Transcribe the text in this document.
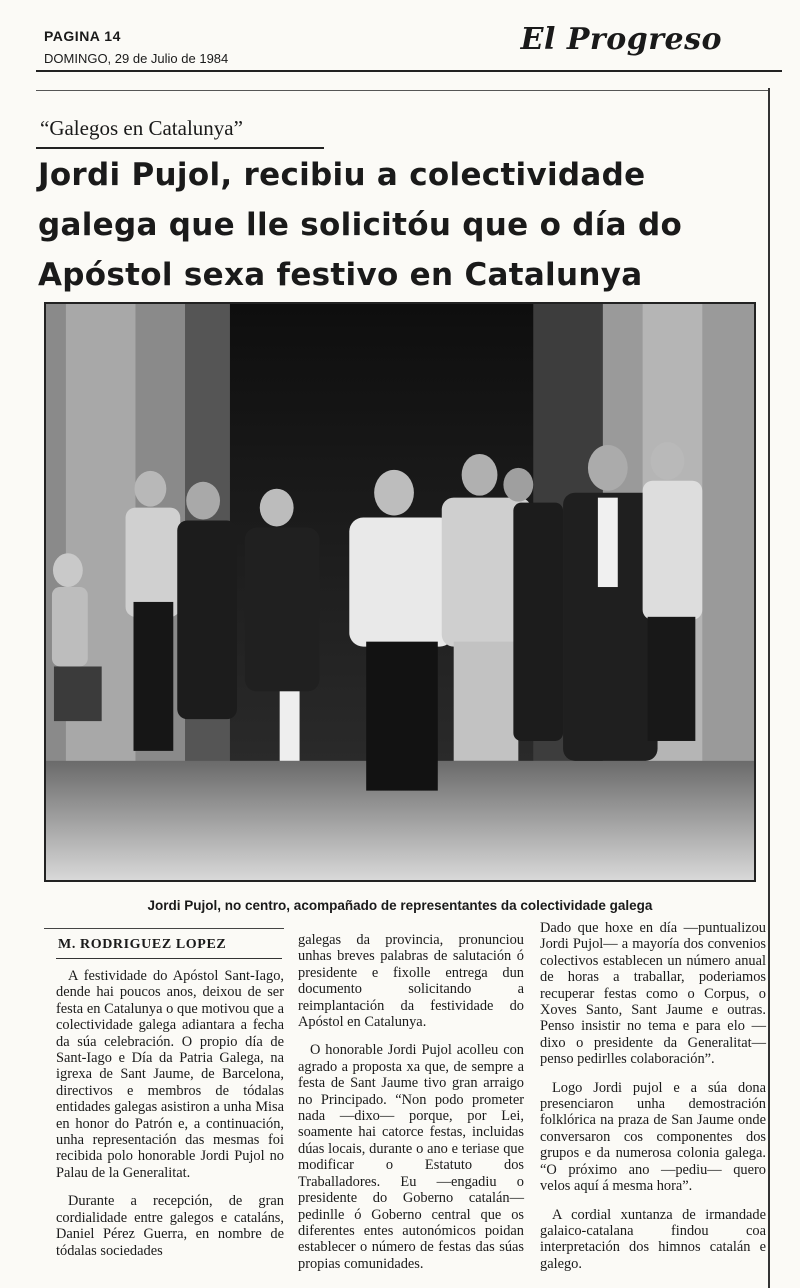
PAGINA 14
DOMINGO, 29 de Julio de 1984
El Progreso
“Galegos en Catalunya”
Jordi Pujol, recibiu a colectividade galega que lle solicitóu que o día do Apóstol sexa festivo en Catalunya
Jordi Pujol, no centro, acompañado de representantes da colectividade galega
M. RODRIGUEZ LOPEZ

A festividade do Apóstol Sant-Iago, dende hai poucos anos, deixou de ser festa en Catalunya o que motivou que a colectividade galega adiantara a fecha da súa celebración. O propio día de Sant-Iago e Día da Patria Galega, na igrexa de Sant Jaume, de Barcelona, directivos e membros de tódalas entidades galegas asistiron a unha Misa en honor do Patrón e, a continuación, unha representación das mesmas foi recibida polo honorable Jordi Pujol no Palau de la Generalitat.

Durante a recepción, de gran cordialidade entre galegos e cataláns, Daniel Pérez Guerra, en nombre de tódalas sociedades

galegas da provincia, pronunciou unhas breves palabras de salutación ó presidente e fixolle entrega dun documento solicitando a reimplantación da festividade do Apóstol en Catalunya.

O honorable Jordi Pujol acolleu con agrado a proposta xa que, de sempre a festa de Sant Jaume tivo gran arraigo no Principado. “Non podo prometer nada —dixo— porque, por Lei, soamente hai catorce festas, incluidas dúas locais, durante o ano e teriase que modificar o Estatuto dos Traballadores. Eu —engadiu o presidente do Goberno catalán— pedinlle ó Goberno central que os diferentes entes autonómicos poidan establecer o número de festas das súas propias comunidades.

Dado que hoxe en día —puntualizou Jordi Pujol— a mayoría dos convenios colectivos establecen un número anual de horas a traballar, poderiamos recuperar festas como o Corpus, o Xoves Santo, Sant Jaume e outras. Penso insistir no tema e para elo —dixo o presidente da Generalitat— penso pedirlles colaboración”.

Logo Jordi pujol e a súa dona presenciaron unha demostración folklórica na praza de San Jaume onde conversaron cos componentes dos grupos e da numerosa colonia galega. “O próximo ano —pediu— quero velos aquí á mesma hora”.

A cordial xuntanza de irmandade galaico-catalana findou coa interpretación dos himnos catalán e galego.
